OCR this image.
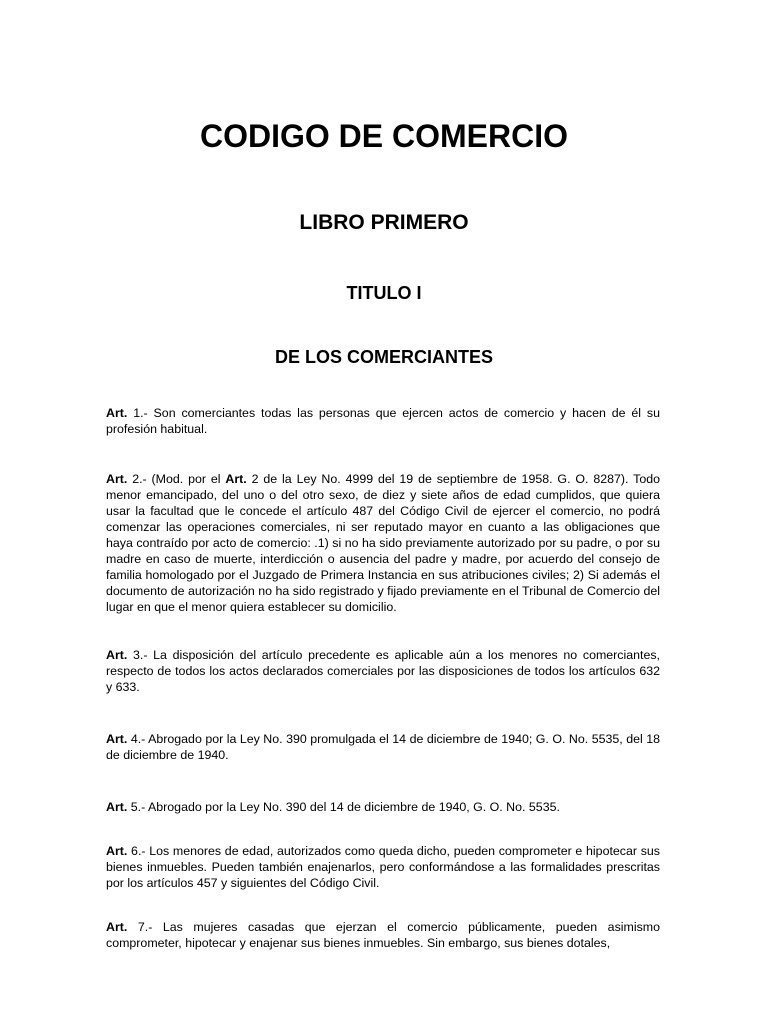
CODIGO DE COMERCIO
LIBRO PRIMERO
TITULO I
DE LOS COMERCIANTES

Art. 1.- Son comerciantes todas las personas que ejercen actos de comercio y hacen de él su profesión habitual.

Art. 2.- (Mod. por el Art. 2 de la Ley No. 4999 del 19 de septiembre de 1958. G. O. 8287). Todo menor emancipado, del uno o del otro sexo, de diez y siete años de edad cumplidos, que quiera usar la facultad que le concede el artículo 487 del Código Civil de ejercer el comercio, no podrá comenzar las operaciones comerciales, ni ser reputado mayor en cuanto a las obligaciones que haya contraído por acto de comercio: .1) si no ha sido previamente autorizado por su padre, o por su madre en caso de muerte, interdicción o ausencia del padre y madre, por acuerdo del consejo de familia homologado por el Juzgado de Primera Instancia en sus atribuciones civiles; 2) Si además el documento de autorización no ha sido registrado y fijado previamente en el Tribunal de Comercio del lugar en que el menor quiera establecer su domicilio.

Art. 3.- La disposición del artículo precedente es aplicable aún a los menores no comerciantes, respecto de todos los actos declarados comerciales por las disposiciones de todos los artículos 632 y 633.

Art. 4.- Abrogado por la Ley No. 390 promulgada el 14 de diciembre de 1940; G. O. No. 5535, del 18 de diciembre de 1940.

Art. 5.- Abrogado por la Ley No. 390 del 14 de diciembre de 1940, G. O. No. 5535.

Art. 6.- Los menores de edad, autorizados como queda dicho, pueden comprometer e hipotecar sus bienes inmuebles. Pueden también enajenarlos, pero conformándose a las formalidades prescritas por los artículos 457 y siguientes del Código Civil.

Art. 7.- Las mujeres casadas que ejerzan el comercio públicamente, pueden asimismo comprometer, hipotecar y enajenar sus bienes inmuebles. Sin embargo, sus bienes dotales,
